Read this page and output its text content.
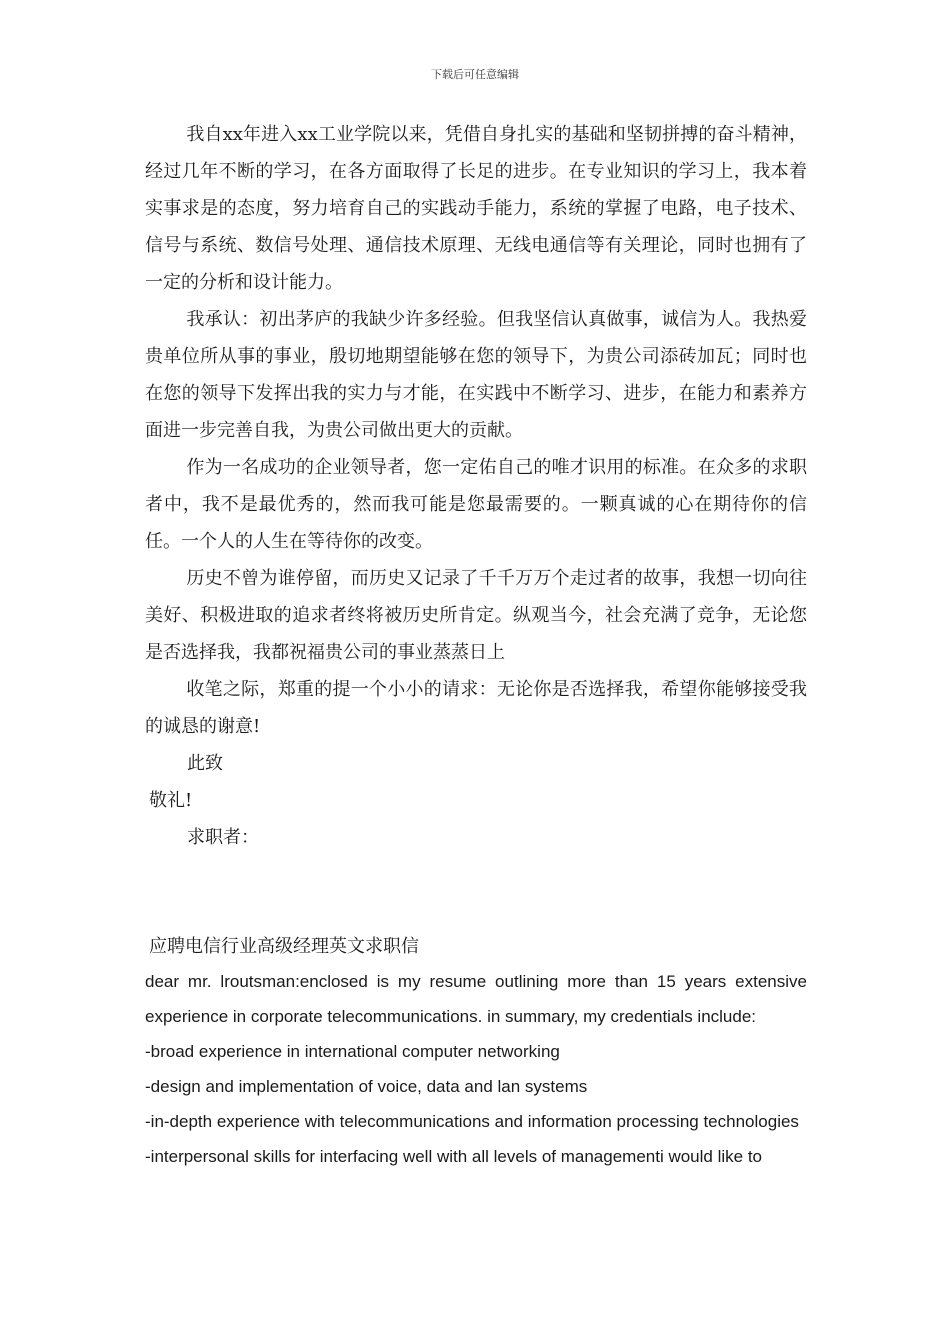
下载后可任意编辑

我自xx年进入xx工业学院以来，凭借自身扎实的基础和坚韧拼搏的奋斗精神，经过几年不断的学习，在各方面取得了长足的进步。在专业知识的学习上，我本着实事求是的态度，努力培育自己的实践动手能力，系统的掌握了电路，电子技术、信号与系统、数信号处理、通信技术原理、无线电通信等有关理论，同时也拥有了一定的分析和设计能力。

我承认：初出茅庐的我缺少许多经验。但我坚信认真做事，诚信为人。我热爱贵单位所从事的事业，殷切地期望能够在您的领导下，为贵公司添砖加瓦；同时也在您的领导下发挥出我的实力与才能，在实践中不断学习、进步，在能力和素养方面进一步完善自我，为贵公司做出更大的贡献。

作为一名成功的企业领导者，您一定佑自己的唯才识用的标准。在众多的求职者中，我不是最优秀的，然而我可能是您最需要的。一颗真诚的心在期待你的信任。一个人的人生在等待你的改变。

历史不曾为谁停留，而历史又记录了千千万万个走过者的故事，我想一切向往美好、积极进取的追求者终将被历史所肯定。纵观当今，社会充满了竞争，无论您是否选择我，我都祝福贵公司的事业蒸蒸日上

收笔之际，郑重的提一个小小的请求：无论你是否选择我，希望你能够接受我的诚恳的谢意!

此致

敬礼!

求职者：

应聘电信行业高级经理英文求职信

dear mr. lroutsman:enclosed is my resume outlining more than 15 years extensive experience in corporate telecommunications. in summary, my credentials include:

-broad experience in international computer networking

-design and implementation of voice, data and lan systems

-in-depth experience with telecommunications and information processing technologies

-interpersonal skills for interfacing well with all levels of managementi would like to
